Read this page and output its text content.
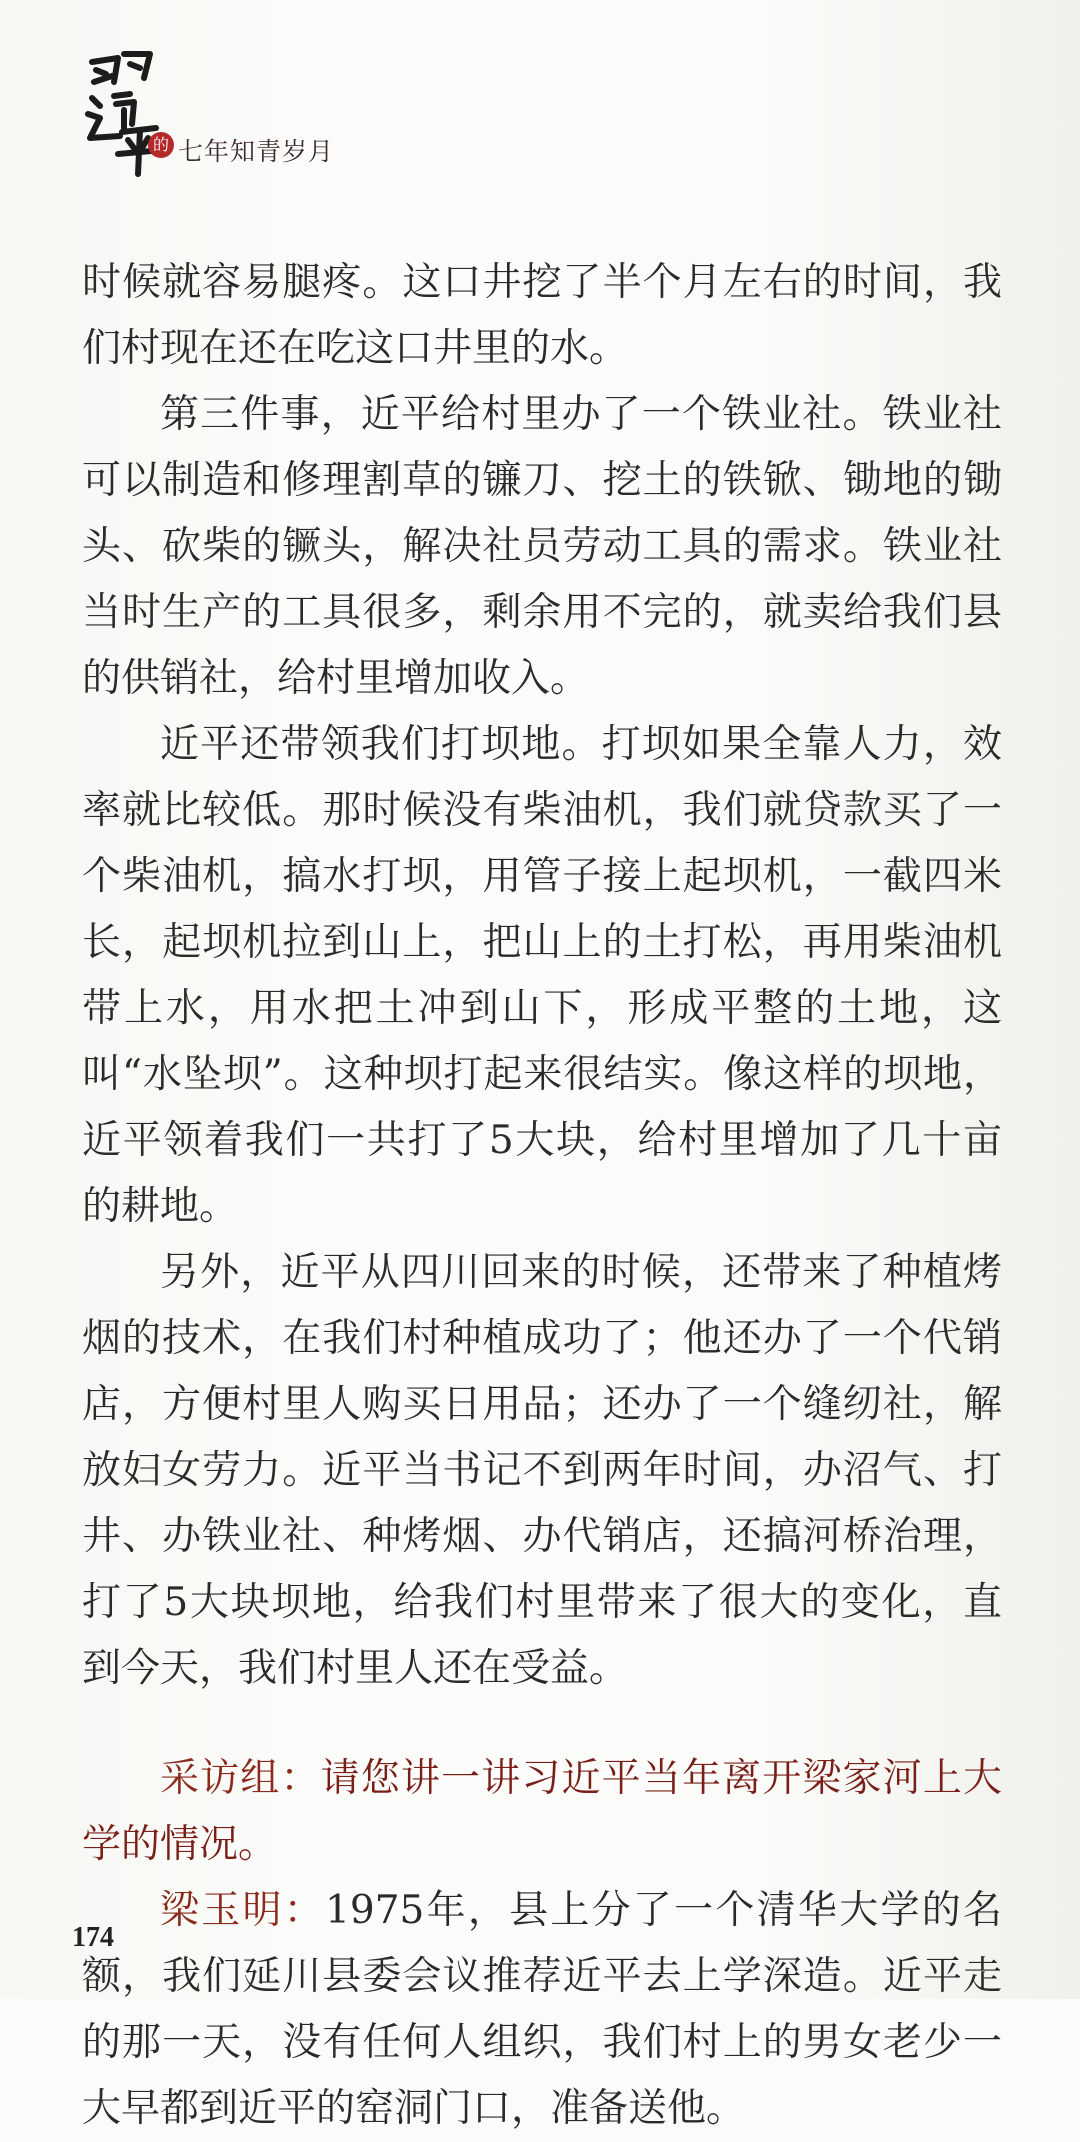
的 七年知青岁月

时候就容易腿疼。这口井挖了半个月左右的时间，我们村现在还在吃这口井里的水。

第三件事，近平给村里办了一个铁业社。铁业社可以制造和修理割草的镰刀、挖土的铁锨、锄地的锄头、砍柴的镢头，解决社员劳动工具的需求。铁业社当时生产的工具很多，剩余用不完的，就卖给我们县的供销社，给村里增加收入。

近平还带领我们打坝地。打坝如果全靠人力，效率就比较低。那时候没有柴油机，我们就贷款买了一个柴油机，搞水打坝，用管子接上起坝机，一截四米长，起坝机拉到山上，把山上的土打松，再用柴油机带上水，用水把土冲到山下，形成平整的土地，这叫“水坠坝”。这种坝打起来很结实。像这样的坝地，近平领着我们一共打了5大块，给村里增加了几十亩的耕地。

另外，近平从四川回来的时候，还带来了种植烤烟的技术，在我们村种植成功了；他还办了一个代销店，方便村里人购买日用品；还办了一个缝纫社，解放妇女劳力。近平当书记不到两年时间，办沼气、打井、办铁业社、种烤烟、办代销店，还搞河桥治理，打了5大块坝地，给我们村里带来了很大的变化，直到今天，我们村里人还在受益。

采访组：请您讲一讲习近平当年离开梁家河上大学的情况。

梁玉明：1975年，县上分了一个清华大学的名额，我们延川县委会议推荐近平去上学深造。近平走的那一天，没有任何人组织，我们村上的男女老少一大早都到近平的窑洞门口，准备送他。

174
